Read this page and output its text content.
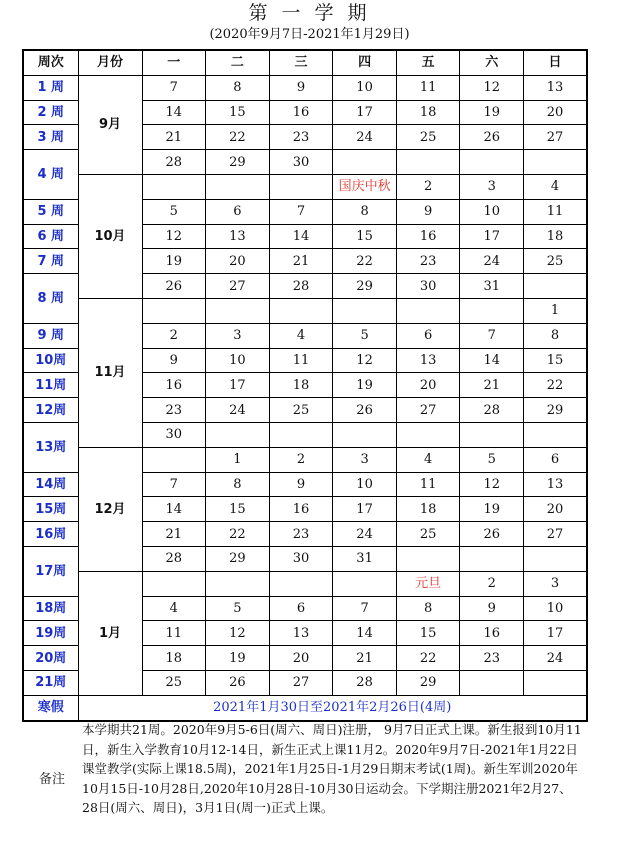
第 一 学 期
(2020年9月7日-2021年1月29日)
周次	月份	一	二	三	四	五	六	日
1 周	9月	7	8	9	10	11	12	13
2 周		14	15	16	17	18	19	20
3 周		21	22	23	24	25	26	27
4 周		28	29	30				
	10月				国庆中秋	2	3	4
5 周		5	6	7	8	9	10	11
6 周		12	13	14	15	16	17	18
7 周		19	20	21	22	23	24	25
8 周		26	27	28	29	30	31	
	11月							1
9 周		2	3	4	5	6	7	8
10周		9	10	11	12	13	14	15
11周		16	17	18	19	20	21	22
12周		23	24	25	26	27	28	29
13周		30						
	12月		1	2	3	4	5	6
14周		7	8	9	10	11	12	13
15周		14	15	16	17	18	19	20
16周		21	22	23	24	25	26	27
17周		28	29	30	31			
	1月					元旦	2	3
18周		4	5	6	7	8	9	10
19周		11	12	13	14	15	16	17
20周		18	19	20	21	22	23	24
21周		25	26	27	28	29		
寒假	2021年1月30日至2021年2月26日(4周)							
备注
本学期共21周。2020年9月5-6日(周六、周日)注册， 9月7日正式上课。新生报到10月11日，新生入学教育10月12-14日，新生正式上课11月2。2020年9月7日-2021年1月22日课堂教学(实际上课18.5周)，2021年1月25日-1月29日期末考试(1周)。新生军训2020年10月15日-10月28日,2020年10月28日-10月30日运动会。下学期注册2021年2月27、28日(周六、周日)，3月1日(周一)正式上课。
